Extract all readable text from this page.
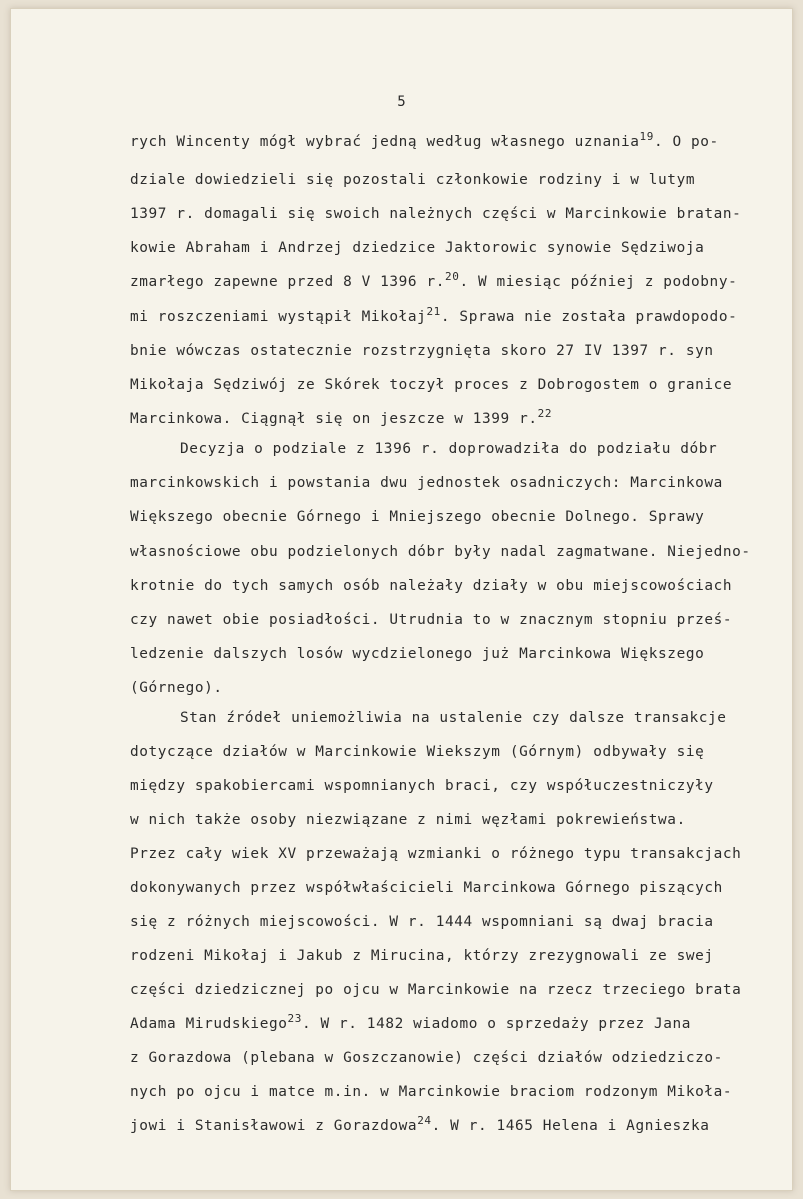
5
rych Wincenty mógł wybrać jedną według własnego uznania$^{19}$. O po-
dziale dowiedzieli się pozostali członkowie rodziny i w lutym
1397 r. domagali się swoich należnych części w Marcinkowie bratan-
kowie Abraham i Andrzej dziedzice Jaktorowic synowie Sędziwoja
zmarłego zapewne przed 8 V 1396 r.$^{20}$. W miesiąc później z podobny-
mi roszczeniami wystąpił Mikołaj$^{21}$. Sprawa nie została prawdopodo-
bnie wówczas ostatecznie rozstrzygnięta skoro 27 IV 1397 r. syn
Mikołaja Sędziwój ze Skórek toczył proces z Dobrogostem o granice
Marcinkowa. Ciągnął się on jeszcze w 1399 r.$^{22}$
Decyzja o podziale z 1396 r. doprowadziła do podziału dóbr
marcinkowskich i powstania dwu jednostek osadniczych: Marcinkowa
Większego obecnie Górnego i Mniejszego obecnie Dolnego. Sprawy
własnościowe obu podzielonych dóbr były nadal zagmatwane. Niejedno-
krotnie do tych samych osób należały działy w obu miejscowościach
czy nawet obie posiadłości. Utrudnia to w znacznym stopniu prześ-
ledzenie dalszych losów wycdzielonego już Marcinkowa Większego
(Górnego).
Stan źródeł uniemożliwia na ustalenie czy dalsze transakcje
dotyczące działów w Marcinkowie Wiekszym (Górnym) odbywały się
między spakobiercami wspomnianych braci, czy współuczestniczyły
w nich także osoby niezwiązane z nimi węzłami pokrewieństwa.
Przez cały wiek XV przeważają wzmianki o różnego typu transakcjach
dokonywanych przez współwłaścicieli Marcinkowa Górnego piszących
się z różnych miejscowości. W r. 1444 wspomniani są dwaj bracia
rodzeni Mikołaj i Jakub z Mirucina, którzy zrezygnowali ze swej
części dziedzicznej po ojcu w Marcinkowie na rzecz trzeciego brata
Adama Mirudskiego$^{23}$. W r. 1482 wiadomo o sprzedaży przez Jana
z Gorazdowa (plebana w Goszczanowie) części działów odziedziczo-
nych po ojcu i matce m.in. w Marcinkowie braciom rodzonym Mikoła-
jowi i Stanisławowi z Gorazdowa$^{24}$. W r. 1465 Helena i Agnieszka
